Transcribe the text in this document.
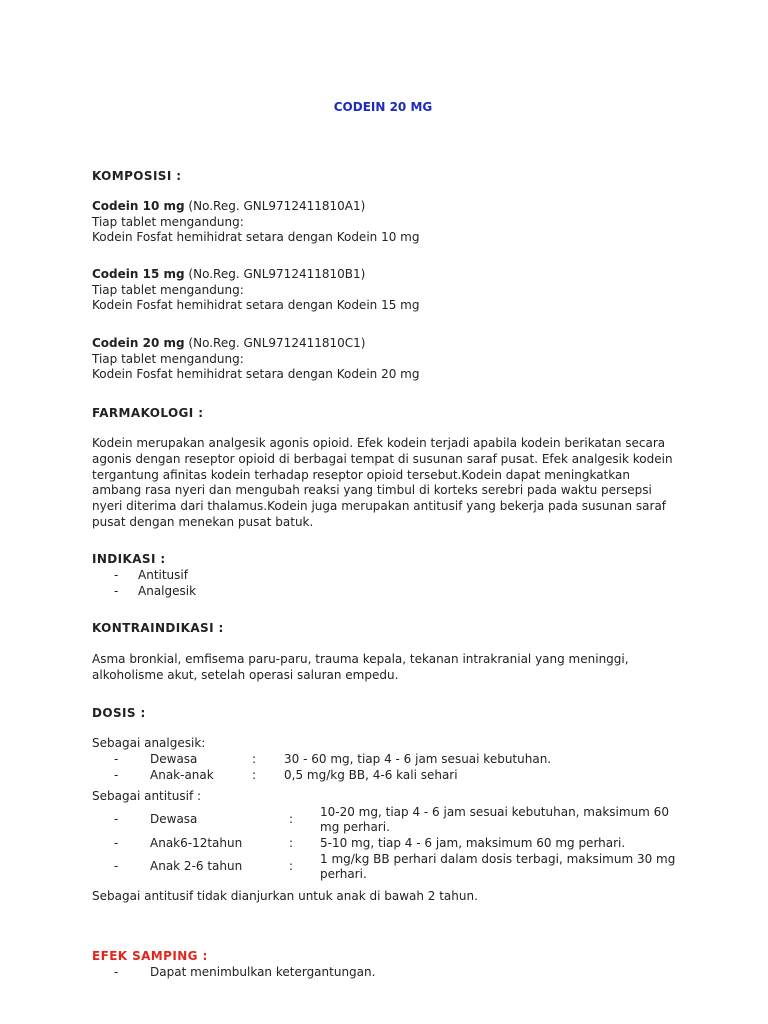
CODEIN 20 MG
KOMPOSISI :
Codein 10 mg (No.Reg. GNL9712411810A1)
Tiap tablet mengandung:
Kodein Fosfat hemihidrat setara dengan Kodein 10 mg
Codein 15 mg (No.Reg. GNL9712411810B1)
Tiap tablet mengandung:
Kodein Fosfat hemihidrat setara dengan Kodein 15 mg
Codein 20 mg (No.Reg. GNL9712411810C1)
Tiap tablet mengandung:
Kodein Fosfat hemihidrat setara dengan Kodein 20 mg
FARMAKOLOGI :
Kodein merupakan analgesik agonis opioid. Efek kodein terjadi apabila kodein berikatan secara agonis dengan reseptor opioid di berbagai tempat di susunan saraf pusat. Efek analgesik kodein tergantung afinitas kodein terhadap reseptor opioid tersebut.Kodein dapat meningkatkan ambang rasa nyeri dan mengubah reaksi yang timbul di korteks serebri pada waktu persepsi nyeri diterima dari thalamus.Kodein juga merupakan antitusif yang bekerja pada susunan saraf pusat dengan menekan pusat batuk.
INDIKASI :
- Antitusif
- Analgesik
KONTRAINDIKASI :
Asma bronkial, emfisema paru-paru, trauma kepala, tekanan intrakranial yang meninggi, alkoholisme akut, setelah operasi saluran empedu.
DOSIS :
Sebagai analgesik:
-	Dewasa	: 30 - 60 mg, tiap 4 - 6 jam sesuai kebutuhan.
-	Anak-anak	: 0,5 mg/kg BB, 4-6 kali sehari
Sebagai antitusif :
-	Dewasa	: 10-20 mg, tiap 4 - 6 jam sesuai kebutuhan, maksimum 60 mg perhari.
-	Anak6-12tahun	: 5-10 mg, tiap 4 - 6 jam, maksimum 60 mg perhari.
-	Anak 2-6 tahun	: 1 mg/kg BB perhari dalam dosis terbagi, maksimum 30 mg perhari.
Sebagai antitusif tidak dianjurkan untuk anak di bawah 2 tahun.
EFEK SAMPING :
-	Dapat menimbulkan ketergantungan.
